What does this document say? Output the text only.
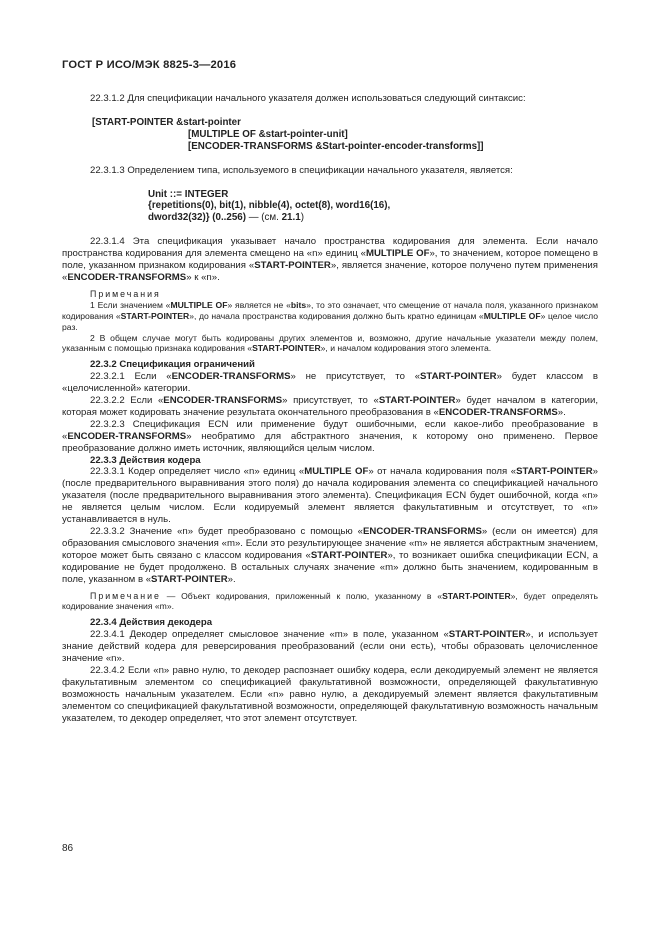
ГОСТ Р ИСО/МЭК 8825-3—2016

22.3.1.2 Для спецификации начального указателя должен использоваться следующий синтаксис:

[START-POINTER &start-pointer
[MULTIPLE OF &start-pointer-unit]
[ENCODER-TRANSFORMS &Start-pointer-encoder-transforms]]

22.3.1.3 Определением типа, используемого в спецификации начального указателя, является:

Unit ::= INTEGER
{repetitions(0), bit(1), nibble(4), octet(8), word16(16),
dword32(32)} (0..256) — (см. 21.1)

22.3.1.4 Эта спецификация указывает начало пространства кодирования для элемента. Если начало пространства кодирования для элемента смещено на «n» единиц «MULTIPLE OF», то значением, которое помещено в поле, указанном признаком кодирования «START-POINTER», является значение, которое получено путем применения «ENCODER-TRANSFORMS» к «n».

Примечания

1 Если значением «MULTIPLE OF» является не «bits», то это означает, что смещение от начала поля, указанного признаком кодирования «START-POINTER», до начала пространства кодирования должно быть кратно единицам «MULTIPLE OF» целое число раз.

2 В общем случае могут быть кодированы других элементов и, возможно, другие начальные указатели между полем, указанным с помощью признака кодирования «START-POINTER», и началом кодирования этого элемента.

22.3.2 Спецификация ограничений

22.3.2.1 Если «ENCODER-TRANSFORMS» не присутствует, то «START-POINTER» будет классом в «целочисленной» категории.

22.3.2.2 Если «ENCODER-TRANSFORMS» присутствует, то «START-POINTER» будет началом в категории, которая может кодировать значение результата окончательного преобразования в «ENCODER-TRANSFORMS».

22.3.2.3 Спецификация ECN или применение будут ошибочными, если какое-либо преобразование в «ENCODER-TRANSFORMS» необратимо для абстрактного значения, к которому оно применено. Первое преобразование должно иметь источник, являющийся целым числом.

22.3.3 Действия кодера

22.3.3.1 Кодер определяет число «n» единиц «MULTIPLE OF» от начала кодирования поля «START-POINTER» (после предварительного выравнивания этого поля) до начала кодирования элемента со спецификацией начального указателя (после предварительного выравнивания этого элемента). Спецификация ECN будет ошибочной, когда «n» не является целым числом. Если кодируемый элемент является факультативным и отсутствует, то «n» устанавливается в нуль.

22.3.3.2 Значение «n» будет преобразовано с помощью «ENCODER-TRANSFORMS» (если он имеется) для образования смыслового значения «m». Если это результирующее значение «m» не является абстрактным значением, которое может быть связано с классом кодирования «START-POINTER», то возникает ошибка спецификации ECN, а кодирование не будет продолжено. В остальных случаях значение «m» должно быть значением, кодированным в поле, указанном в «START-POINTER».

Примечание — Объект кодирования, приложенный к полю, указанному в «START-POINTER», будет определять кодирование значения «m».

22.3.4 Действия декодера

22.3.4.1 Декодер определяет смысловое значение «m» в поле, указанном «START-POINTER», и использует знание действий кодера для реверсирования преобразований (если они есть), чтобы образовать целочисленное значение «n».

22.3.4.2 Если «n» равно нулю, то декодер распознает ошибку кодера, если декодируемый элемент не является факультативным элементом со спецификацией факультативной возможности, определяющей факультативную возможность начальным указателем. Если «n» равно нулю, а декодируемый элемент является факультативным элементом со спецификацией факультативной возможности, определяющей факультативную возможность начальным указателем, то декодер определяет, что этот элемент отсутствует.

86
